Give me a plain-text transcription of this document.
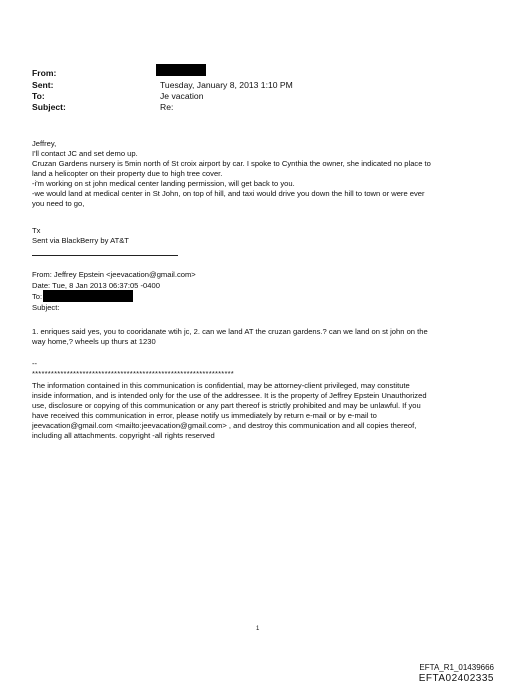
From:
Sent:	Tuesday, January 8, 2013 1:10 PM
To:	Je vacation
Subject:	Re:
Jeffrey,
I'll contact JC and set demo up.
Cruzan Gardens nursery is 5min north of St croix airport by car. I spoke to Cynthia the owner, she indicated no place to
land a helicopter on their property due to high tree cover.
-i'm working on st john medical center landing permission, will get back to you.
-we would land at medical center in St John, on top of hill, and taxi would drive you down the hill to town or were ever
you need to go,
Tx
Sent via BlackBerry by AT&T
From: Jeffrey Epstein <jeevacation@gmail.com>
Date: Tue, 8 Jan 2013 06:37:05 -0400
To:
Subject:
1. enriques said yes, you to cooridanate wtih jc, 2. can we land AT the cruzan gardens.? can we land on st john on the
way home,? wheels up thurs at 1230
--
****************************************************************
The information contained in this communication is confidential, may be attorney-client privileged, may constitute
inside information, and is intended only for the use of the addressee. It is the property of Jeffrey Epstein Unauthorized
use, disclosure or copying of this communication or any part thereof is strictly prohibited and may be unlawful. If you
have received this communication in error, please notify us immediately by return e-mail or by e-mail to
jeevacation@gmail.com <mailto:jeevacation@gmail.com> , and destroy this communication and all copies thereof,
including all attachments. copyright -all rights reserved
1
EFTA_R1_01439666
EFTA02402335
